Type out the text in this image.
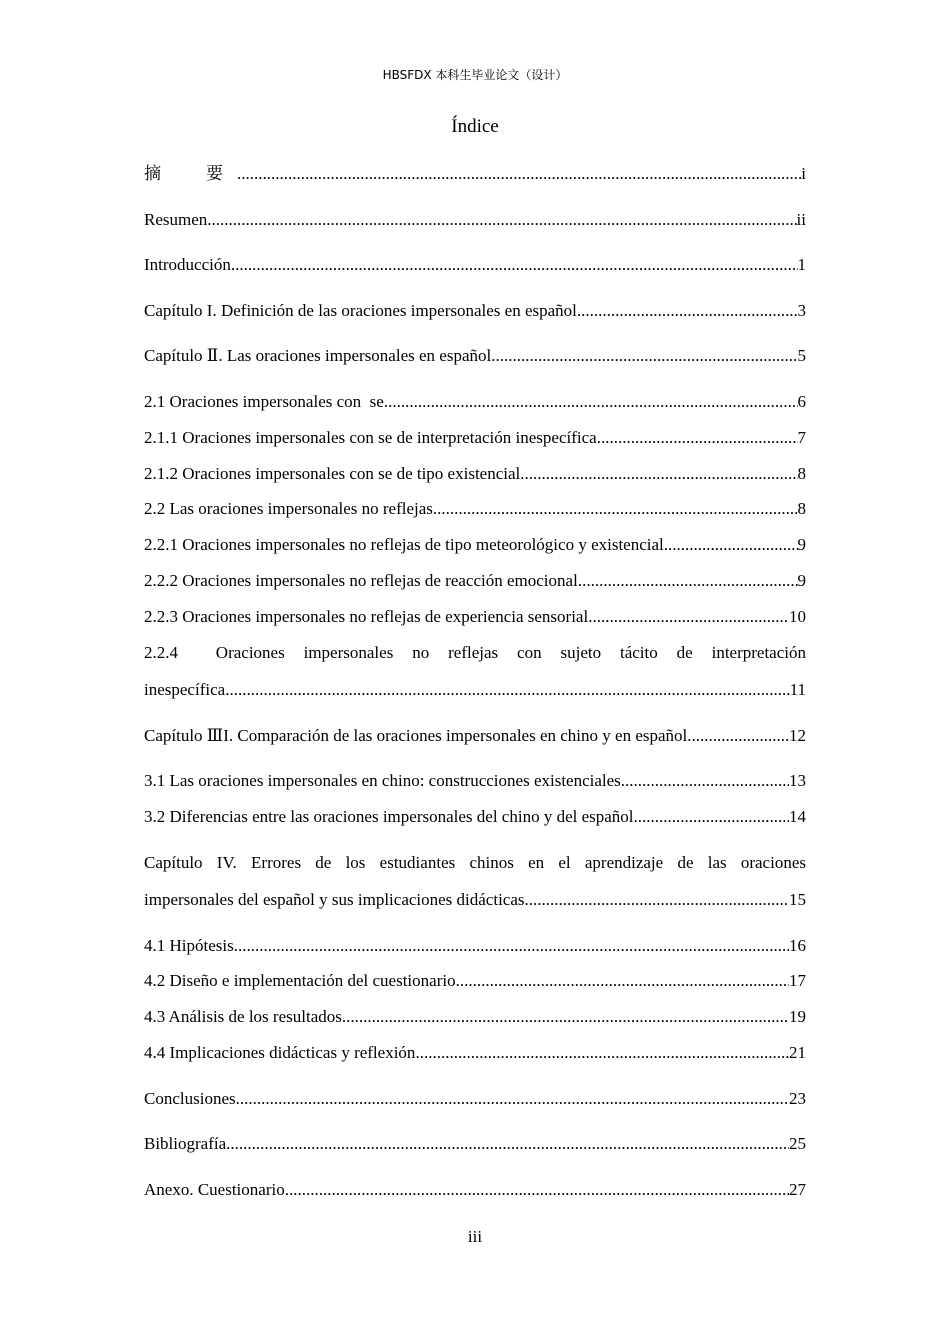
HBSFDX 本科生毕业论文（设计）
Índice
摘　要 .....	i
Resumen .....	ii
Introducción .....	1
Capítulo I. Definición de las oraciones impersonales en español .....	3
Capítulo Ⅱ. Las oraciones impersonales en español .....	5
2.1 Oraciones impersonales con  se .....	6
2.1.1 Oraciones impersonales con se de interpretación inespecífica .....	7
2.1.2 Oraciones impersonales con se de tipo existencial .....	8
2.2 Las oraciones impersonales no reflejas .....	8
2.2.1 Oraciones impersonales no reflejas de tipo meteorológico y existencial .....	9
2.2.2 Oraciones impersonales no reflejas de reacción emocional .....	9
2.2.3 Oraciones impersonales no reflejas de experiencia sensorial .....	10
2.2.4  Oraciones impersonales no reflejas con sujeto tácito de interpretación
inespecífica .....	11
Capítulo ⅢI. Comparación de las oraciones impersonales en chino y en español .....	12
3.1 Las oraciones impersonales en chino: construcciones existenciales .....	13
3.2 Diferencias entre las oraciones impersonales del chino y del español .....	14
Capítulo IV. Errores de los estudiantes chinos en el aprendizaje de las oraciones
impersonales del español y sus implicaciones didácticas .....	15
4.1 Hipótesis .....	16
4.2 Diseño e implementación del cuestionario .....	17
4.3 Análisis de los resultados .....	19
4.4 Implicaciones didácticas y reflexión .....	21
Conclusiones .....	23
Bibliografía .....	25
Anexo. Cuestionario .....	27
iii
